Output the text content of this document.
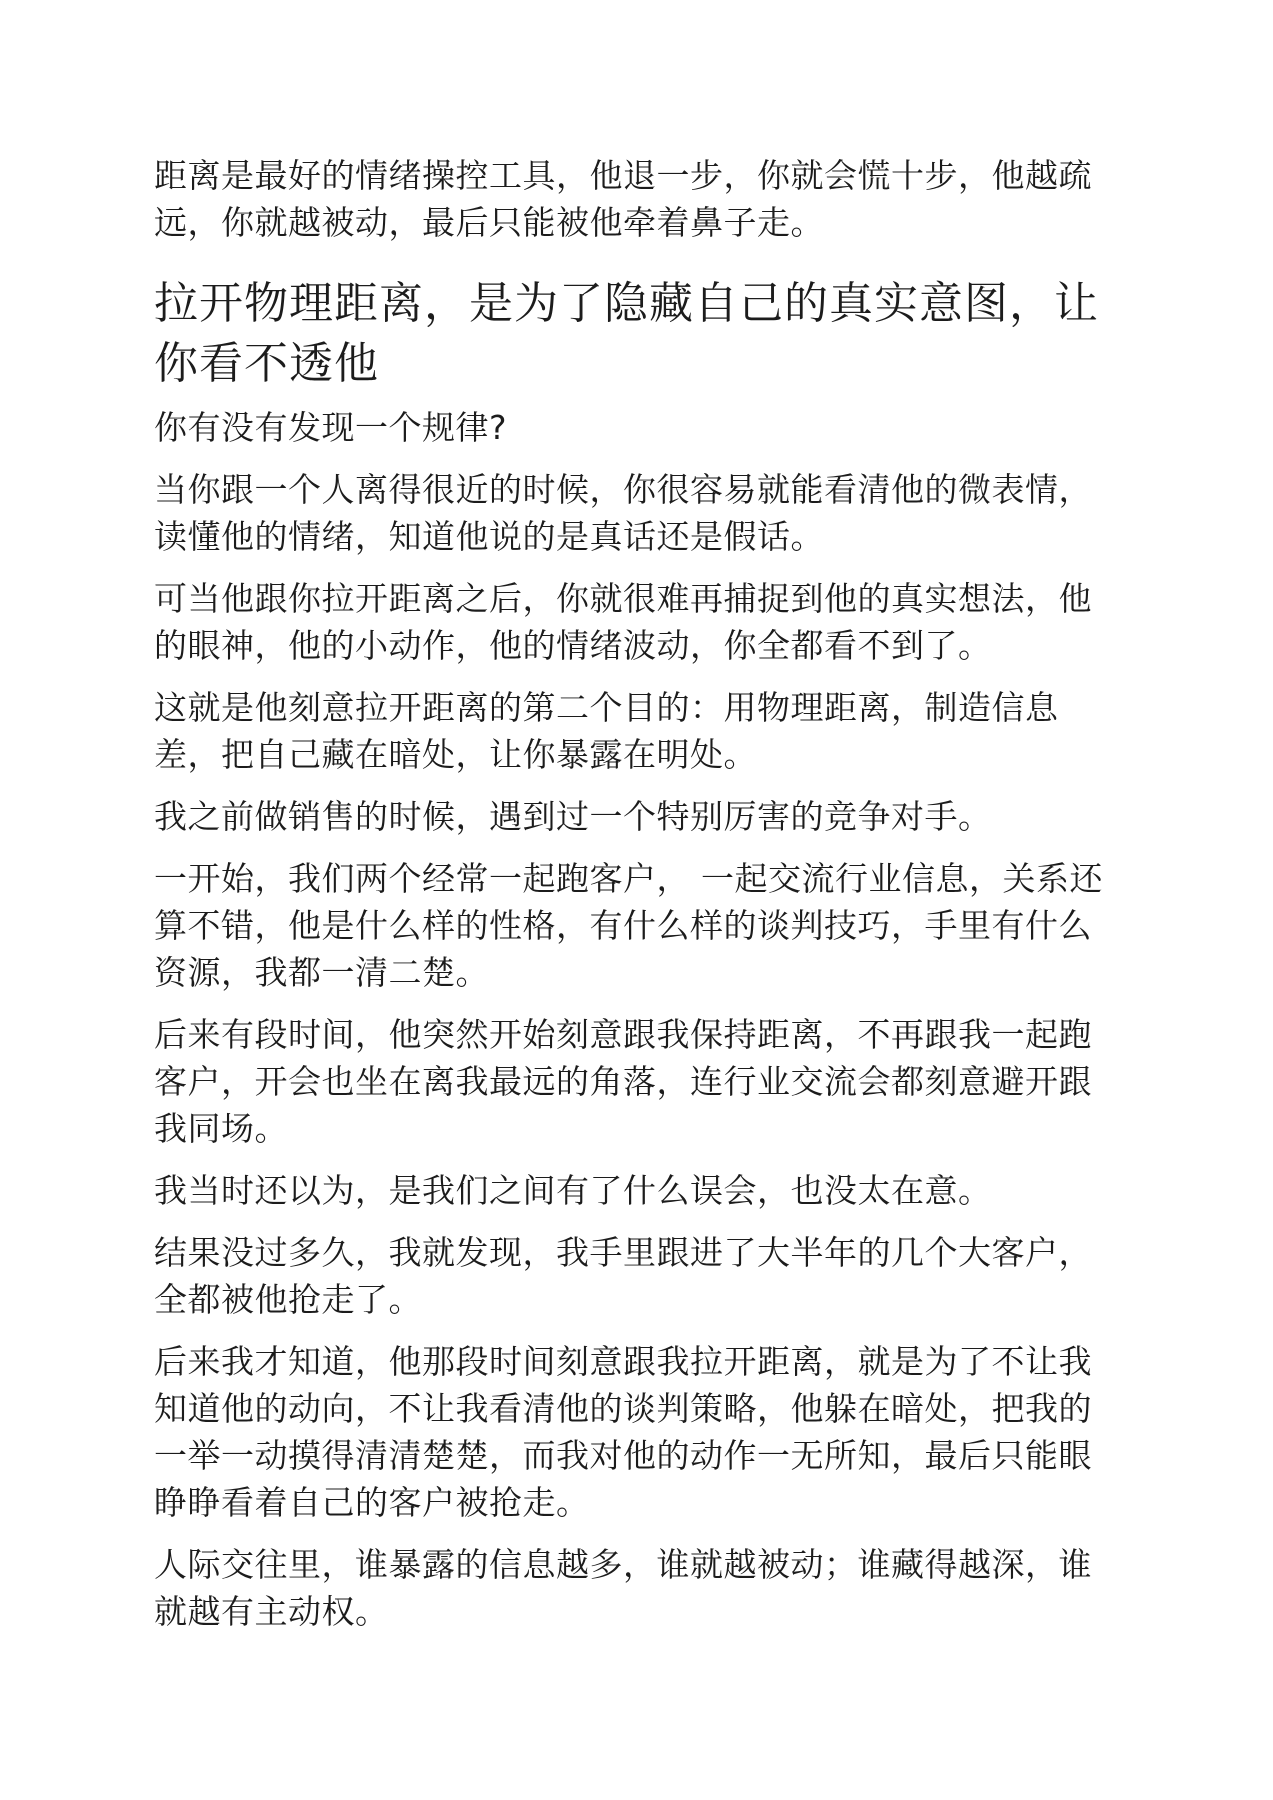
距离是最好的情绪操控工具，他退一步，你就会慌十步，他越疏远，你就越被动，最后只能被他牵着鼻子走。

拉开物理距离，是为了隐藏自己的真实意图，让你看不透他

你有没有发现一个规律?

当你跟一个人离得很近的时候，你很容易就能看清他的微表情，读懂他的情绪，知道他说的是真话还是假话。

可当他跟你拉开距离之后，你就很难再捕捉到他的真实想法，他的眼神，他的小动作，他的情绪波动，你全都看不到了。

这就是他刻意拉开距离的第二个目的：用物理距离，制造信息差，把自己藏在暗处，让你暴露在明处。

我之前做销售的时候，遇到过一个特别厉害的竞争对手。

一开始，我们两个经常一起跑客户， 一起交流行业信息，关系还算不错，他是什么样的性格，有什么样的谈判技巧，手里有什么资源，我都一清二楚。

后来有段时间，他突然开始刻意跟我保持距离，不再跟我一起跑客户，开会也坐在离我最远的角落，连行业交流会都刻意避开跟我同场。

我当时还以为，是我们之间有了什么误会，也没太在意。

结果没过多久，我就发现，我手里跟进了大半年的几个大客户，全都被他抢走了。

后来我才知道，他那段时间刻意跟我拉开距离，就是为了不让我知道他的动向，不让我看清他的谈判策略，他躲在暗处，把我的一举一动摸得清清楚楚，而我对他的动作一无所知，最后只能眼睁睁看着自己的客户被抢走。

人际交往里，谁暴露的信息越多，谁就越被动；谁藏得越深，谁就越有主动权。
